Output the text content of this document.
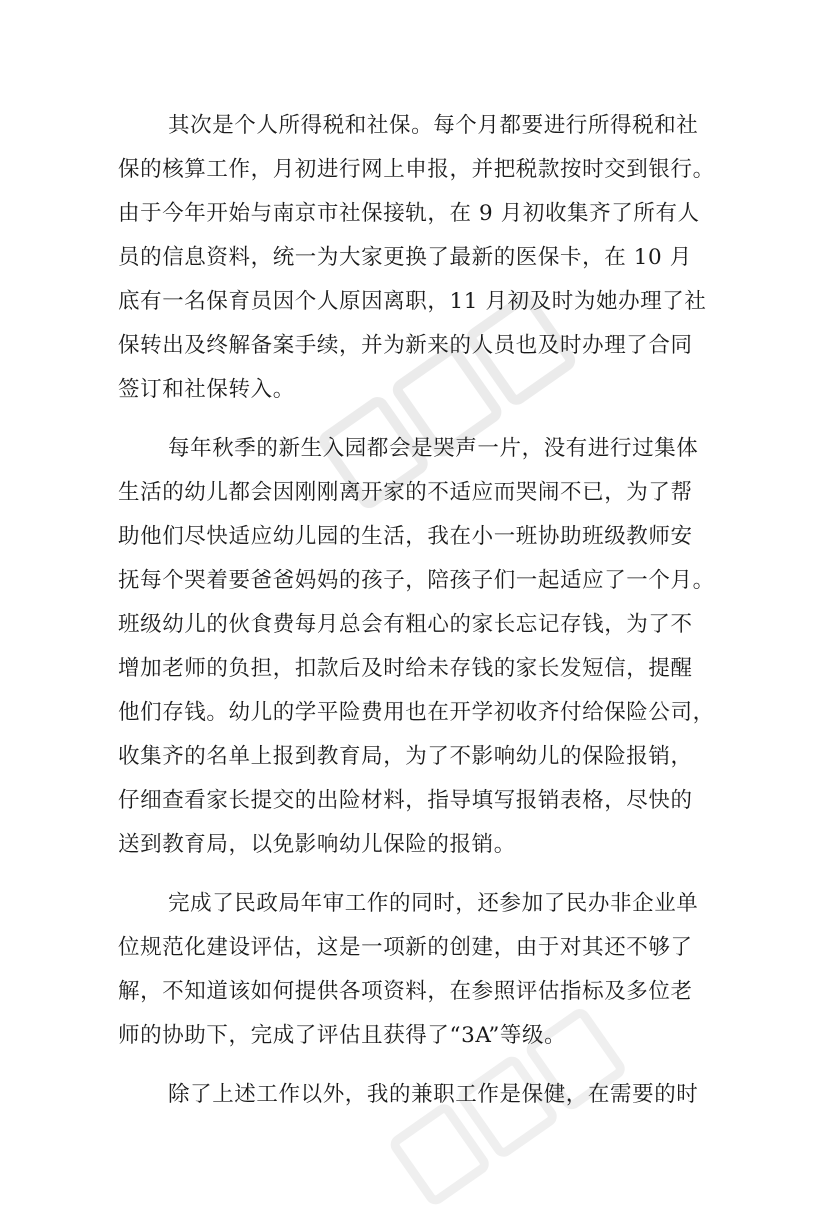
其次是个人所得税和社保。每个月都要进行所得税和社
保的核算工作，月初进行网上申报，并把税款按时交到银行。
由于今年开始与南京市社保接轨，在 9 月初收集齐了所有人
员的信息资料，统一为大家更换了最新的医保卡，在 10 月
底有一名保育员因个人原因离职，11 月初及时为她办理了社
保转出及终解备案手续，并为新来的人员也及时办理了合同
签订和社保转入。

每年秋季的新生入园都会是哭声一片，没有进行过集体
生活的幼儿都会因刚刚离开家的不适应而哭闹不已，为了帮
助他们尽快适应幼儿园的生活，我在小一班协助班级教师安
抚每个哭着要爸爸妈妈的孩子，陪孩子们一起适应了一个月。
班级幼儿的伙食费每月总会有粗心的家长忘记存钱，为了不
增加老师的负担，扣款后及时给未存钱的家长发短信，提醒
他们存钱。幼儿的学平险费用也在开学初收齐付给保险公司，
收集齐的名单上报到教育局，为了不影响幼儿的保险报销，
仔细查看家长提交的出险材料，指导填写报销表格，尽快的
送到教育局，以免影响幼儿保险的报销。

完成了民政局年审工作的同时，还参加了民办非企业单
位规范化建设评估，这是一项新的创建，由于对其还不够了
解，不知道该如何提供各项资料，在参照评估指标及多位老
师的协助下，完成了评估且获得了“3A”等级。

除了上述工作以外，我的兼职工作是保健，在需要的时
